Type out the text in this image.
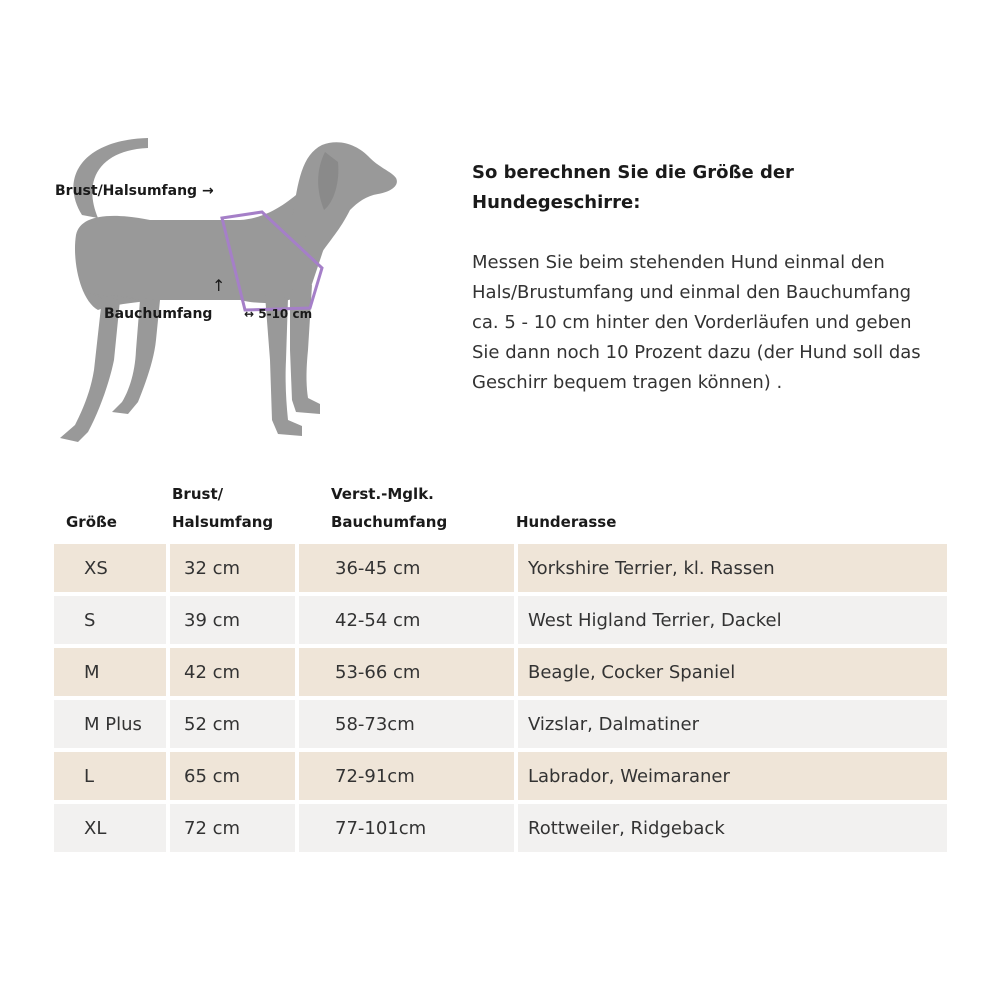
Brust/Halsumfang →
↑
Bauchumfang	↔ 5-10 cm
So berechnen Sie die Größe der Hundegeschirre:
Messen Sie beim stehenden Hund einmal den Hals/Brustumfang und einmal den Bauchumfang ca. 5 - 10 cm hinter den Vorderläufen und geben Sie dann noch 10 Prozent dazu (der Hund soll das Geschirr bequem tragen können) .
Größe
Brust/
Halsumfang
Verst.-Mglk.
Bauchumfang	Hunderasse
XS	32 cm	36-45 cm	Yorkshire Terrier, kl. Rassen
S	39 cm	42-54 cm	West Higland Terrier, Dackel
M	42 cm	53-66 cm	Beagle, Cocker Spaniel
M Plus	52 cm	58-73cm	Vizslar, Dalmatiner
L	65 cm	72-91cm	Labrador, Weimaraner
XL	72 cm	77-101cm	Rottweiler, Ridgeback
